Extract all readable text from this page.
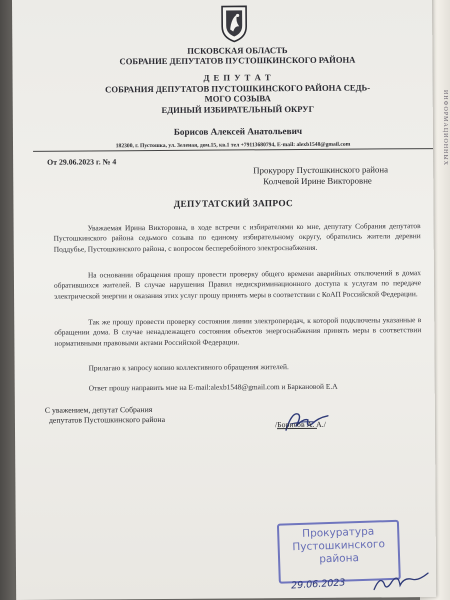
ИНФОРМАЦИОННЫХ
ПСКОВСКАЯ ОБЛАСТЬ
СОБРАНИЕ ДЕПУТАТОВ ПУСТОШКИНСКОГО РАЙОНА
Д Е П У Т А Т
СОБРАНИЯ ДЕПУТАТОВ ПУСТОШКИНСКОГО РАЙОНА СЕДЬ-
МОГО СОЗЫВА
ЕДИНЫЙ ИЗБИРАТЕЛЬНЫЙ ОКРУГ
Борисов Алексей Анатольевич
182300, г. Пустошка, ул. Зеленая, дом.15, кв.1 тел +79113680794, E-mail: alexb1548@gmail.com
От 29.06.2023 г. № 4
Прокурору Пустошкинского района
Колчевой Ирине Викторовне
ДЕПУТАТСКИЙ ЗАПРОС
Уважаемая Ирина Викторовна, в ходе встречи с избирателями ко мне, депутату Собрания депутатов Пустошкинского района седьмого созыва по единому избирательному округу, обратились жители деревни Поддубье, Пустошкинского района, с вопросом бесперебойного электроснабжения.
На основании обращения прошу провести проверку общего времени аварийных отключений в домах обратившихся жителей. В случае нарушения Правил недискриминационного доступа к услугам по передаче электрической энергии и оказания этих услуг прошу принять меры в соответствии с КоАП Российской Федерации.
Так же прошу провести проверку состояния линии электропередач, к которой подключены указанные в обращении дома. В случае ненадлежащего состояния объектов энергоснабжения принять меры в соответствии нормативными правовыми актами Российской Федерации.
Прилагаю к запросу копию коллективного обращения жителей.
Ответ прошу направить мне на E-mail:alexb1548@gmail.com и Баркановой Е.А
С уважением, депутат Собрания
депутатов Пустошкинского района	/Борисов А. А./
Прокуратура
Пустошкинского
района
29.06.2023
